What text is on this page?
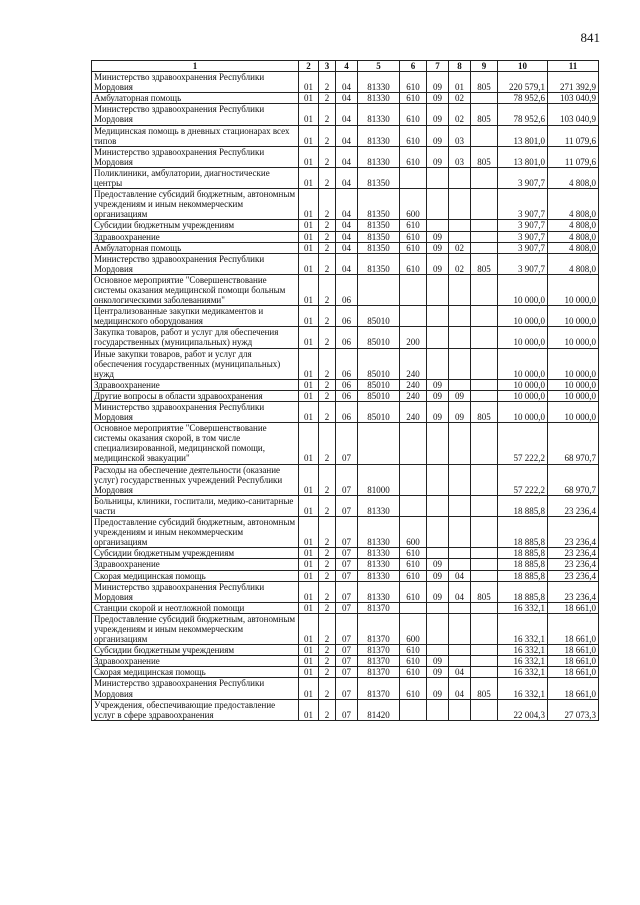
841
1	2	3	4	5	6	7	8	9	10	11
Министерство здравоохранения Республики Мордовия	01	2	04	81330	610	09	01	805	220 579,1	271 392,9
Амбулаторная помощь	01	2	04	81330	610	09	02		78 952,6	103 040,9
Министерство здравоохранения Республики Мордовия	01	2	04	81330	610	09	02	805	78 952,6	103 040,9
Медицинская помощь в дневных стационарах всех типов	01	2	04	81330	610	09	03		13 801,0	11 079,6
Министерство здравоохранения Республики Мордовия	01	2	04	81330	610	09	03	805	13 801,0	11 079,6
Поликлиники, амбулатории, диагностические центры	01	2	04	81350					3 907,7	4 808,0
Предоставление субсидий бюджетным, автономным учреждениям и иным некоммерческим организациям	01	2	04	81350	600				3 907,7	4 808,0
Субсидии бюджетным учреждениям	01	2	04	81350	610				3 907,7	4 808,0
Здравоохранение	01	2	04	81350	610	09			3 907,7	4 808,0
Амбулаторная помощь	01	2	04	81350	610	09	02		3 907,7	4 808,0
Министерство здравоохранения Республики Мордовия	01	2	04	81350	610	09	02	805	3 907,7	4 808,0
Основное мероприятие "Совершенствование системы оказания медицинской помощи больным онкологическими заболеваниями"	01	2	06						10 000,0	10 000,0
Централизованные закупки медикаментов и медицинского оборудования	01	2	06	85010					10 000,0	10 000,0
Закупка товаров, работ и услуг для обеспечения государственных (муниципальных) нужд	01	2	06	85010	200				10 000,0	10 000,0
Иные закупки товаров, работ и услуг для обеспечения государственных (муниципальных) нужд	01	2	06	85010	240				10 000,0	10 000,0
Здравоохранение	01	2	06	85010	240	09			10 000,0	10 000,0
Другие вопросы в области здравоохранения	01	2	06	85010	240	09	09		10 000,0	10 000,0
Министерство здравоохранения Республики Мордовия	01	2	06	85010	240	09	09	805	10 000,0	10 000,0
Основное мероприятие "Совершенствование системы оказания скорой, в том числе специализированной, медицинской помощи, медицинской эвакуации"	01	2	07						57 222,2	68 970,7
Расходы на обеспечение деятельности (оказание услуг) государственных учреждений Республики Мордовия	01	2	07	81000					57 222,2	68 970,7
Больницы, клиники, госпитали, медико-санитарные части	01	2	07	81330					18 885,8	23 236,4
Предоставление субсидий бюджетным, автономным учреждениям и иным некоммерческим организациям	01	2	07	81330	600				18 885,8	23 236,4
Субсидии бюджетным учреждениям	01	2	07	81330	610				18 885,8	23 236,4
Здравоохранение	01	2	07	81330	610	09			18 885,8	23 236,4
Скорая медицинская помощь	01	2	07	81330	610	09	04		18 885,8	23 236,4
Министерство здравоохранения Республики Мордовия	01	2	07	81330	610	09	04	805	18 885,8	23 236,4
Станции скорой и неотложной помощи	01	2	07	81370					16 332,1	18 661,0
Предоставление субсидий бюджетным, автономным учреждениям и иным некоммерческим организациям	01	2	07	81370	600				16 332,1	18 661,0
Субсидии бюджетным учреждениям	01	2	07	81370	610				16 332,1	18 661,0
Здравоохранение	01	2	07	81370	610	09			16 332,1	18 661,0
Скорая медицинская помощь	01	2	07	81370	610	09	04		16 332,1	18 661,0
Министерство здравоохранения Республики Мордовия	01	2	07	81370	610	09	04	805	16 332,1	18 661,0
Учреждения, обеспечивающие предоставление услуг в сфере здравоохранения	01	2	07	81420					22 004,3	27 073,3
